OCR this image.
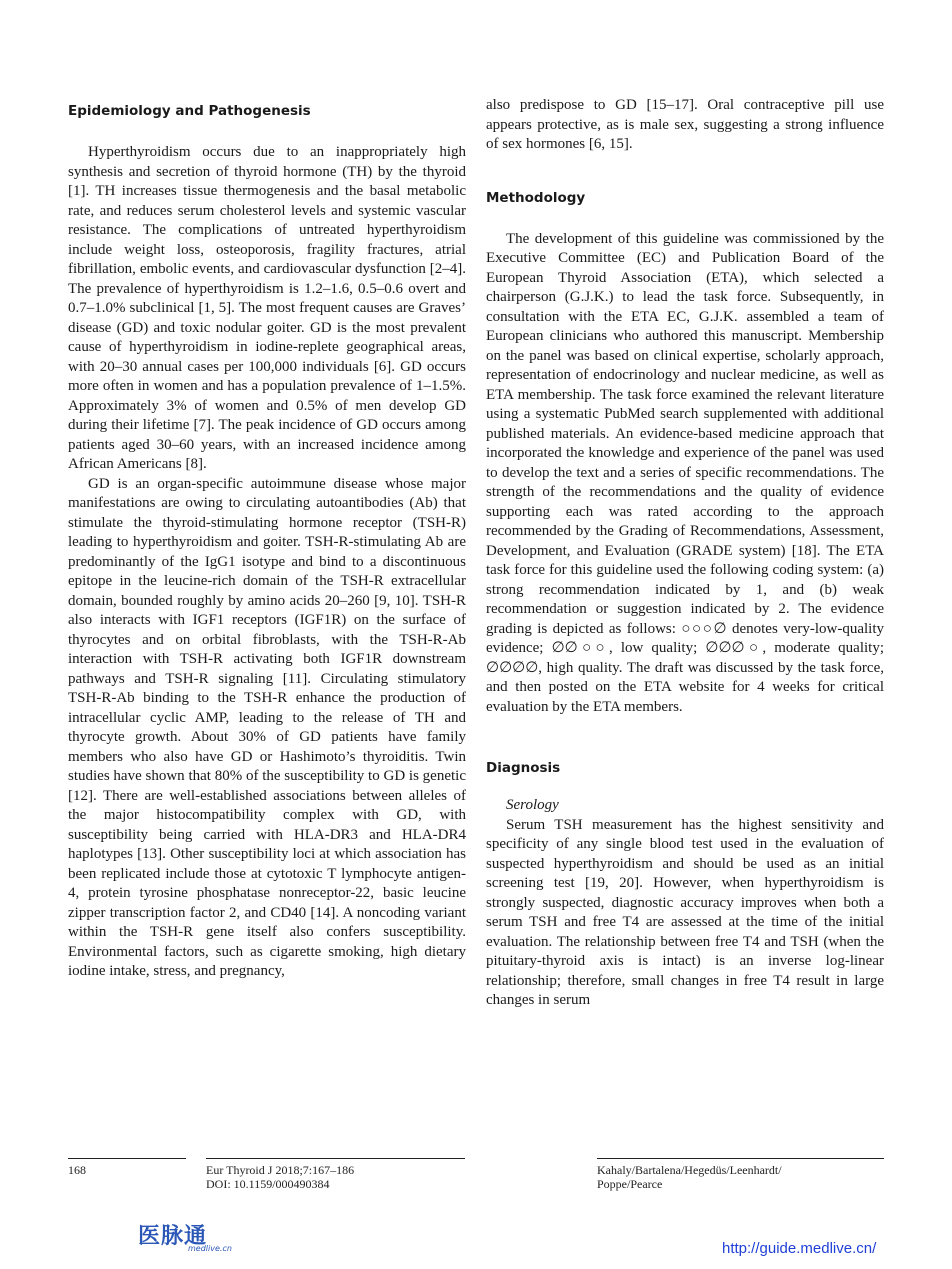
Epidemiology and Pathogenesis

Hyperthyroidism occurs due to an inappropriately high synthesis and secretion of thyroid hormone (TH) by the thyroid [1]. TH increases tissue thermogenesis and the basal metabolic rate, and reduces serum cholesterol levels and systemic vascular resistance. The complications of untreated hyperthyroidism include weight loss, osteoporosis, fragility fractures, atrial fibrillation, embolic events, and cardiovascular dysfunction [2–4]. The prevalence of hyperthyroidism is 1.2–1.6, 0.5–0.6 overt and 0.7–1.0% subclinical [1, 5]. The most frequent causes are Graves’ disease (GD) and toxic nodular goiter. GD is the most prevalent cause of hyperthyroidism in iodine-replete geographical areas, with 20–30 annual cases per 100,000 individuals [6]. GD occurs more often in women and has a population prevalence of 1–1.5%. Approximately 3% of women and 0.5% of men develop GD during their lifetime [7]. The peak incidence of GD occurs among patients aged 30–60 years, with an increased incidence among African Americans [8].

GD is an organ-specific autoimmune disease whose major manifestations are owing to circulating autoantibodies (Ab) that stimulate the thyroid-stimulating hormone receptor (TSH-R) leading to hyperthyroidism and goiter. TSH-R-stimulating Ab are predominantly of the IgG1 isotype and bind to a discontinuous epitope in the leucine-rich domain of the TSH-R extracellular domain, bounded roughly by amino acids 20–260 [9, 10]. TSH-R also interacts with IGF1 receptors (IGF1R) on the surface of thyrocytes and on orbital fibroblasts, with the TSH-R-Ab interaction with TSH-R activating both IGF1R downstream pathways and TSH-R signaling [11]. Circulating stimulatory TSH-R-Ab binding to the TSH-R enhance the production of intracellular cyclic AMP, leading to the release of TH and thyrocyte growth. About 30% of GD patients have family members who also have GD or Hashimoto’s thyroiditis. Twin studies have shown that 80% of the susceptibility to GD is genetic [12]. There are well-established associations between alleles of the major histocompatibility complex with GD, with susceptibility being carried with HLA-DR3 and HLA-DR4 haplotypes [13]. Other susceptibility loci at which association has been replicated include those at cytotoxic T lymphocyte antigen-4, protein tyrosine phosphatase nonreceptor-22, basic leucine zipper transcription factor 2, and CD40 [14]. A noncoding variant within the TSH-R gene itself also confers susceptibility. Environmental factors, such as cigarette smoking, high dietary iodine intake, stress, and pregnancy,

also predispose to GD [15–17]. Oral contraceptive pill use appears protective, as is male sex, suggesting a strong influence of sex hormones [6, 15].

Methodology

The development of this guideline was commissioned by the Executive Committee (EC) and Publication Board of the European Thyroid Association (ETA), which selected a chairperson (G.J.K.) to lead the task force. Subsequently, in consultation with the ETA EC, G.J.K. assembled a team of European clinicians who authored this manuscript. Membership on the panel was based on clinical expertise, scholarly approach, representation of endocrinology and nuclear medicine, as well as ETA membership. The task force examined the relevant literature using a systematic PubMed search supplemented with additional published materials. An evidence-based medicine approach that incorporated the knowledge and experience of the panel was used to develop the text and a series of specific recommendations. The strength of the recommendations and the quality of evidence supporting each was rated according to the approach recommended by the Grading of Recommendations, Assessment, Development, and Evaluation (GRADE system) [18]. The ETA task force for this guideline used the following coding system: (a) strong recommendation indicated by 1, and (b) weak recommendation or suggestion indicated by 2. The evidence grading is depicted as follows: ○○○∅ denotes very-low-quality evidence; ∅∅○○, low quality; ∅∅∅○, moderate quality; ∅∅∅∅, high quality. The draft was discussed by the task force, and then posted on the ETA website for 4 weeks for critical evaluation by the ETA members.

Diagnosis

Serology

Serum TSH measurement has the highest sensitivity and specificity of any single blood test used in the evaluation of suspected hyperthyroidism and should be used as an initial screening test [19, 20]. However, when hyperthyroidism is strongly suspected, diagnostic accuracy improves when both a serum TSH and free T4 are assessed at the time of the initial evaluation. The relationship between free T4 and TSH (when the pituitary-thyroid axis is intact) is an inverse log-linear relationship; therefore, small changes in free T4 result in large changes in serum

168	Eur Thyroid J 2018;7:167–186
DOI: 10.1159/000490384
Kahaly/Bartalena/Hegedüs/Leenhardt/
Poppe/Pearce
医脉通
medlive.cn	http://guide.medlive.cn/
